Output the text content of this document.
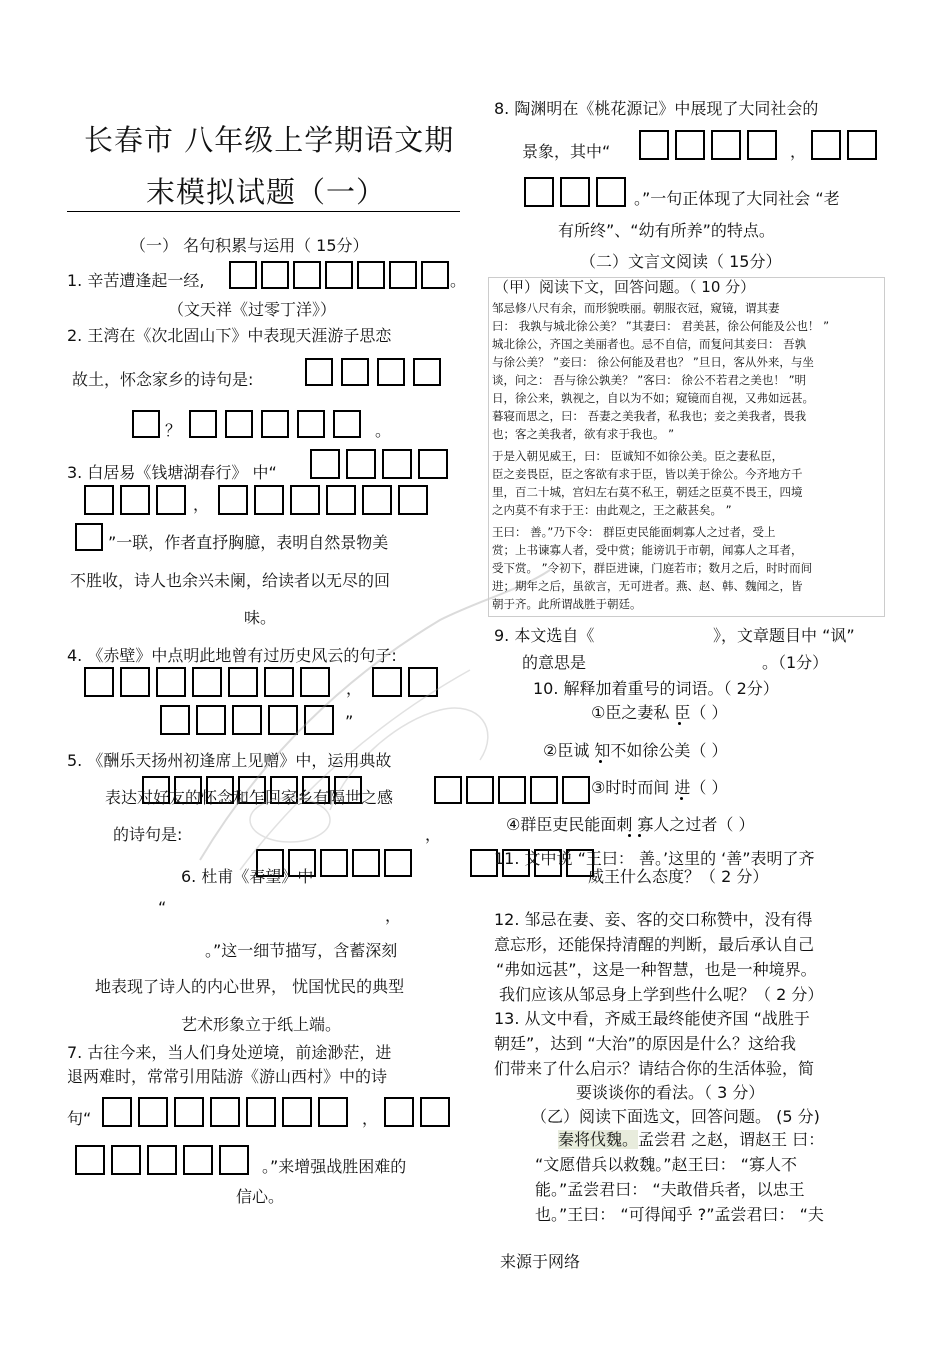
长春市 八年级上学期语文期
末模拟试题（一）
（一） 名句积累与运用（ 15分）
1. 辛苦遭逢起一经,	。
（文天祥《过零丁洋》）
2. 王湾在《次北固山下》中表现天涯游子思恋
故土，怀念家乡的诗句是:
？	。
3. 白居易《钱塘湖春行》 中“
，
”一联，作者直抒胸臆，表明自然景物美
不胜收，诗人也余兴未阑，给读者以无尽的回
味。
4. 《赤壁》中点明此地曾有过历史风云的句子:
，
”
5. 《酬乐天扬州初逢席上见赠》中，运用典故
表达对好友的怀念和乍回家乡有隔世之感
的诗句是:	，
6. 杜甫《春望》中
“	，
。”这一细节描写，含蓄深刻
地表现了诗人的内心世界， 忧国忧民的典型
艺术形象立于纸上端。
7. 古往今来，当人们身处逆境，前途渺茫，进
退两难时，常常引用陆游《游山西村》中的诗
句“	，
。”来增强战胜困难的
信心。
8. 陶渊明在《桃花源记》中展现了大同社会的
景象，其中“	，
。”一句正体现了大同社会 “老
有所终”、“幼有所养”的特点。
（二）文言文阅读（ 15分）
（甲）阅读下文，回答问题。（ 10 分）
邹忌修八尺有余，而形貌昳丽。朝服衣冠，窥镜，谓其妻
曰： 我孰与城北徐公美？ ”其妻曰： 君美甚，徐公何能及公也！ ”
城北徐公，齐国之美丽者也。忌不自信，而复问其妾曰： 吾孰
与徐公美？ ”妾曰： 徐公何能及君也？ ”旦日，客从外来，与坐
谈，问之： 吾与徐公孰美？ ”客曰： 徐公不若君之美也！ ”明
日，徐公来，孰视之，自以为不如；窥镜而自视，又弗如远甚。
暮寝而思之，曰： 吾妻之美我者，私我也；妾之美我者，畏我
也；客之美我者，欲有求于我也。 ”
于是入朝见威王，曰： 臣诚知不如徐公美。臣之妻私臣，
臣之妾畏臣，臣之客欲有求于臣，皆以美于徐公。今齐地方千
里，百二十城，宫妇左右莫不私王，朝廷之臣莫不畏王，四境
之内莫不有求于王：由此观之，王之蔽甚矣。 ”
王曰： 善。”乃下令： 群臣吏民能面刺寡人之过者，受上
赏；上书谏寡人者，受中赏；能谤讥于市朝，闻寡人之耳者，
受下赏。 ”令初下，群臣进谏，门庭若市；数月之后，时时而间
进；期年之后，虽欲言，无可进者。燕、赵、韩、魏闻之，皆
朝于齐。此所谓战胜于朝廷。
9. 本文选自《	》，文章题目中 “讽”
的意思是	。（1分）
10. 解释加着重号的词语。（ 2分）
①臣之妻私 臣（ ）
②臣诚 知不如徐公美（ ）
③时时而间 进（ ）
④群臣吏民能面刺 寡人之过者（ ）
11. 文中说 “王曰： 善。’这里的 ‘善”表明了齐
威王什么态度？（ 2 分）
12. 邹忌在妻、妾、客的交口称赞中，没有得
意忘形，还能保持清醒的判断，最后承认自己
“弗如远甚”，这是一种智慧，也是一种境界。
我们应该从邹忌身上学到些什么呢？（ 2 分）
13. 从文中看，齐威王最终能使齐国 “战胜于
朝廷”，达到 “大治”的原因是什么？这给我
们带来了什么启示？请结合你的生活体验，简
要谈谈你的看法。（ 3 分）
（乙）阅读下面选文，回答问题。 (5 分)
秦将伐魏。孟尝君 之赵，谓赵王 曰：
“文愿借兵以救魏。”赵王曰： “寡人不
能。”孟尝君曰： “夫敢借兵者，以忠王
也。”王曰： “可得闻乎 ?”孟尝君曰： “夫
来源于网络
